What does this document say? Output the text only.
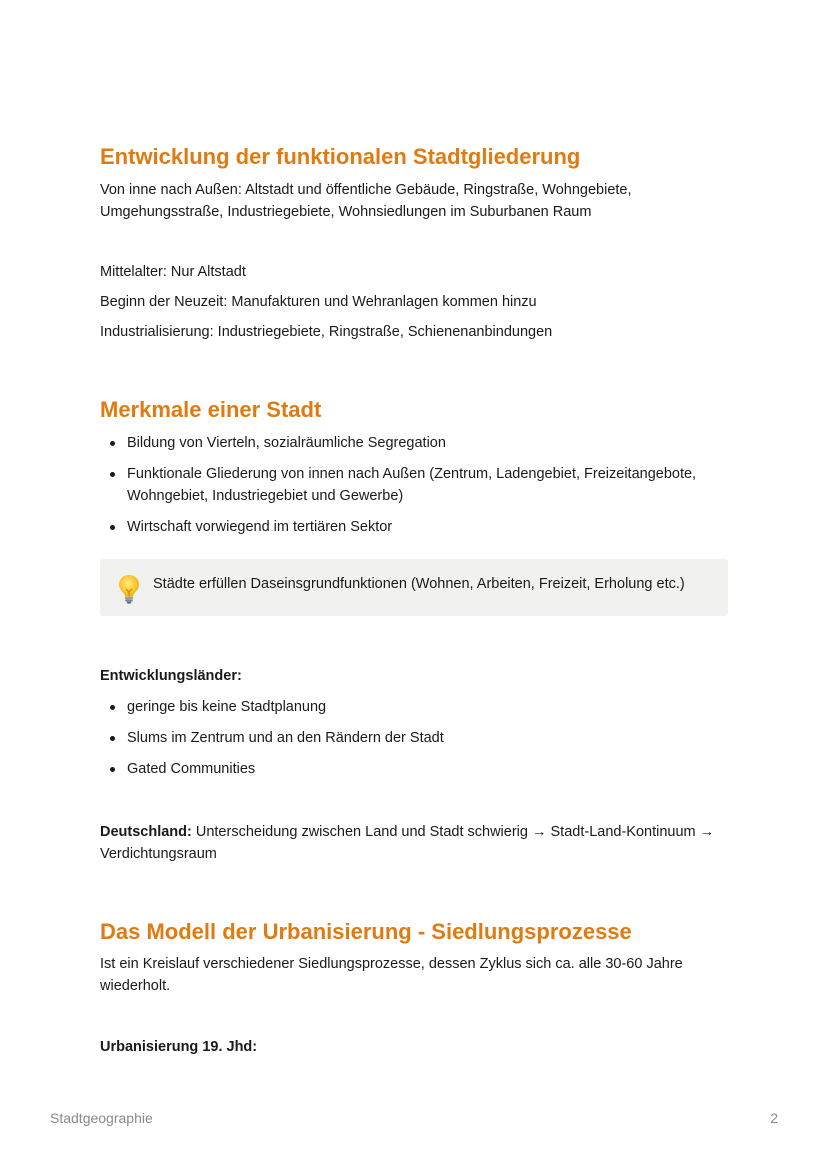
Entwicklung der funktionalen Stadtgliederung

Von inne nach Außen: Altstadt und öffentliche Gebäude, Ringstraße, Wohngebiete, Umgehungsstraße, Industriegebiete, Wohnsiedlungen im Suburbanen Raum

Mittelalter: Nur Altstadt

Beginn der Neuzeit: Manufakturen und Wehranlagen kommen hinzu

Industrialisierung: Industriegebiete, Ringstraße, Schienenanbindungen

Merkmale einer Stadt
Bildung von Vierteln, sozialräumliche Segregation
Funktionale Gliederung von innen nach Außen (Zentrum, Ladengebiet, Freizeitangebote, Wohngebiet, Industriegebiet und Gewerbe)
Wirtschaft vorwiegend im tertiären Sektor
Städte erfüllen Daseinsgrundfunktionen (Wohnen, Arbeiten, Freizeit, Erholung etc.)

Entwicklungsländer:

geringe bis keine Stadtplanung
Slums im Zentrum und an den Rändern der Stadt
Gated Communities

Deutschland: Unterscheidung zwischen Land und Stadt schwierig → Stadt-Land-Kontinuum → Verdichtungsraum

Das Modell der Urbanisierung - Siedlungsprozesse

Ist ein Kreislauf verschiedener Siedlungsprozesse, dessen Zyklus sich ca. alle 30-60 Jahre wiederholt.

Urbanisierung 19. Jhd:

Stadtgeographie	2
